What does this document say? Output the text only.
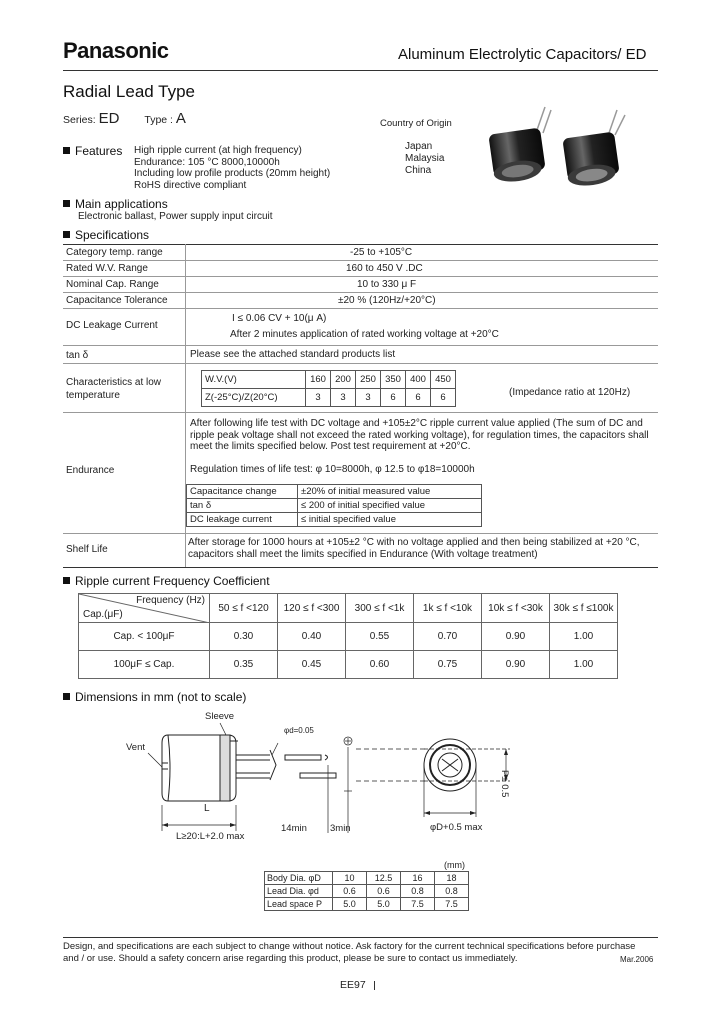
Panasonic	Aluminum Electrolytic Capacitors/ ED
Radial Lead Type
Series: ED Type : A	Country of Origin
Japan
Malaysia
China
Features High ripple current (at high frequency)
Endurance: 105 °C 8000,10000h
Including low profile products (20mm height)
RoHS directive compliant
Main applications
Electronic ballast, Power supply input circuit
Specifications
Category temp. range	-25 to +105°C
Rated W.V. Range	160 to 450 V .DC
Nominal Cap. Range	10 to 330 μ F
Capacitance Tolerance	±20 % (120Hz/+20°C)
DC Leakage Current
I ≤ 0.06 CV + 10(μ A)
After 2 minutes application of rated working voltage at +20°C
tan δ	Please see the attached standard products list
Characteristics at low temperature
W.V.(V)	160	200	250	350	400	450
Z(-25°C)/Z(20°C)	3	3	3	6	6	6	(Impedance ratio at 120Hz)
Endurance
After following life test with DC voltage and +105±2°C ripple current value applied (The sum of DC and ripple peak voltage shall not exceed the rated working voltage), for regulation times, the capacitors shall meet the limits specified below. Post test requirement at +20°C.
Regulation times of life test: φ 10=8000h, φ 12.5 to φ18=10000h
Capacitance change	±20% of initial measured value
tan δ	≤ 200 of initial specified value
DC leakage current	≤ initial specified value
Shelf Life
After storage for 1000 hours at +105±2 °C with no voltage applied and then being stabilized at +20 °C, capacitors shall meet the limits specified in Endurance (With voltage treatment)
Ripple current Frequency Coefficient
Frequency (Hz)
Cap.(μF)	50 ≤ f <120	120 ≤ f <300	300 ≤ f <1k	1k ≤ f <10k	10k ≤ f <30k	30k ≤ f ≤100k
Cap. < 100μF	0.30	0.40	0.55	0.70	0.90	1.00
100μF ≤ Cap.	0.35	0.45	0.60	0.75	0.90	1.00
Dimensions in mm (not to scale)
Sleeve
Vent
φd=0.05
L
L≥20:L+2.0 max
14min 3min	φD+0.5 max
P± 0.5
(mm)
Body Dia. φD	10	12.5	16	18
Lead Dia. φd	0.6	0.6	0.8	0.8
Lead space P	5.0	5.0	7.5	7.5
Design, and specifications are each subject to change without notice. Ask factory for the current technical specifications before purchase
and / or use. Should a safety concern arise regarding this product, please be sure to contact us immediately.	Mar.2006
EE97
